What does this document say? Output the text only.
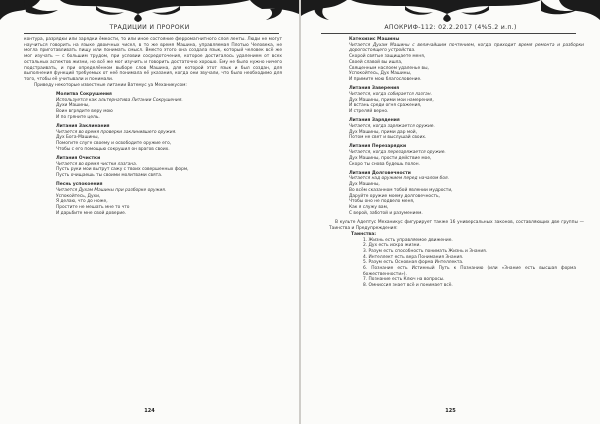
ТРАДИЦИИ И ПРОРОКИ

контура, разрядки или зарядки ёмкости, то или иное состояние ферромагнитного слоя ленты. Люди не могут научиться говорить на языке двоичных чисел, в то же время Машина, управляемая Плотью Человека, не могла приготавливать пищу или понимать смысл. Вместо этого она создала язык, который человек всё же мог изучать — с большим трудом, при условии сосредоточения, которое достигалось удалением от всех остальных аспектов жизни, но всё же мог изучить и говорить достаточно хорошо. Ему не было нужно ничего подстраивать, и при определённом выборе слов Машина, для которой этот язык и был создан, для выполнения функций требуемых от неё понимала её указания, когда они звучали, что было необходимо для того, чтобы её учитывали и понимали.

Приведу некоторые известные литании Ватемус уа Механикусом:

Молитва Сокрушения
Используется как альтернатива Литании Сокрушения.
Духи Машины,
Воин вгрядите веру мою
И по гряните цель.
Литания Заклинания
Читается во время проверки заклинившего оружия.
Дух Бога-Машины,
Помогите слуге своему и освободите оружие его,
Чтобы с его помощью сокрушил он врагов своих.
Литания Очистки
Читается во время чистки лазгана.
Пусть руки мои вытрут сажу с твоих совершенных форм,
Пусть очищаешь ты своими молитвами свята.
Песнь успокоения
Читается Духам Машины при разборке оружия.
Успокойтесь, Духи,
Я делаю, что до ноже,
Простите не мешать мне то что
И дарьбите мне свой доверие.
124
АПОКРИФ-112: 02.2.2017 (4%5.2 и.п.)
Катехизис Машины
Читается Духам Машины с величайшим почтением, когда приходит время ремонта и разборки дорогостоящего устройства.
Скорой святые защищаете меня,
Своей славой вы ишла,
Священным наслоем удаленье вы,
Успокойтесь, Дух Машины,
И примите мою благословение.
Литания Заверения
Читается, когда собирается лазган.
Дух Машины, прими мои намерения,
И встань среди огня сражения,
И стреляй верно.
Литания Зарядения
Читается, когда заряжается оружие.
Дух Машины, прими дар мой,
Потом не свет и выслушай своих.
Литания Перезарядки
Читается, когда перезаряжается оружие.
Дух Машины, прости действие мое,
Скоро ты снова будешь полон.
Литания Долговечности
Читается над оружием перед началом боя.
Дух Машины,
Во всём сказанном тобой явлении мудрости,
Даруйте оружие моему долговечность,
Чтобы оно не подвело меня,
Как я служу вам,
С верой, заботой и разумением.

В культе Адептус Механикус фигурирует также 16 универсальных законов, составляющих две группы — Таинства и Предупреждения:

Таинства:
1. Жизнь есть управляемое движение.
2. Дух есть искра жизни.
3. Разум есть способность понимать Жизнь и Знания.
4. Интеллект есть вера Понимания Знания.
5. Разум есть Основная форма Интеллекта.
6. Познание есть Истинный Путь к Познанию (или «Знание есть высшая форма божественности»).
7. Познание есть Ключ на вопросы.
8. Омниссия знает всё и понимает всё.
125
